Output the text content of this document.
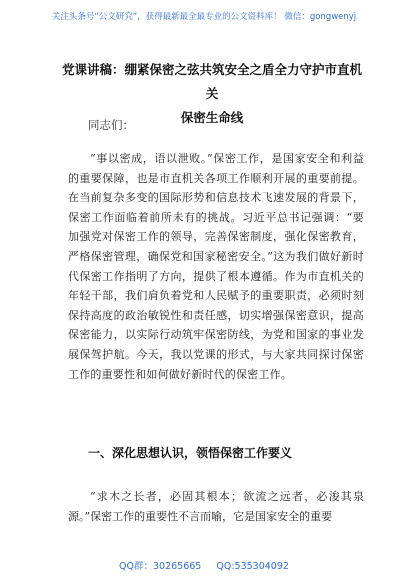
关注头条号“公文研究”，获得最新最全最专业的公文资料库！ 微信：gongwenyj
党课讲稿：绷紧保密之弦共筑安全之盾全力守护市直机关
保密生命线
同志们：

“事以密成，语以泄败。”保密工作，是国家安全和利益的重要保障，也是市直机关各项工作顺利开展的重要前提。在当前复杂多变的国际形势和信息技术飞速发展的背景下，保密工作面临着前所未有的挑战。习近平总书记强调：“要加强党对保密工作的领导，完善保密制度，强化保密教育，严格保密管理，确保党和国家秘密安全。”这为我们做好新时代保密工作指明了方向，提供了根本遵循。作为市直机关的年轻干部，我们肩负着党和人民赋予的重要职责，必须时刻保持高度的政治敏锐性和责任感，切实增强保密意识，提高保密能力，以实际行动筑牢保密防线，为党和国家的事业发展保驾护航。今天，我以党课的形式，与大家共同探讨保密工作的重要性和如何做好新时代的保密工作。

一、深化思想认识，领悟保密工作要义

“求木之长者，必固其根本；欲流之远者，必浚其泉源。”保密工作的重要性不言而喻，它是国家安全的重要

QQ群：30265665 QQ:535304092
